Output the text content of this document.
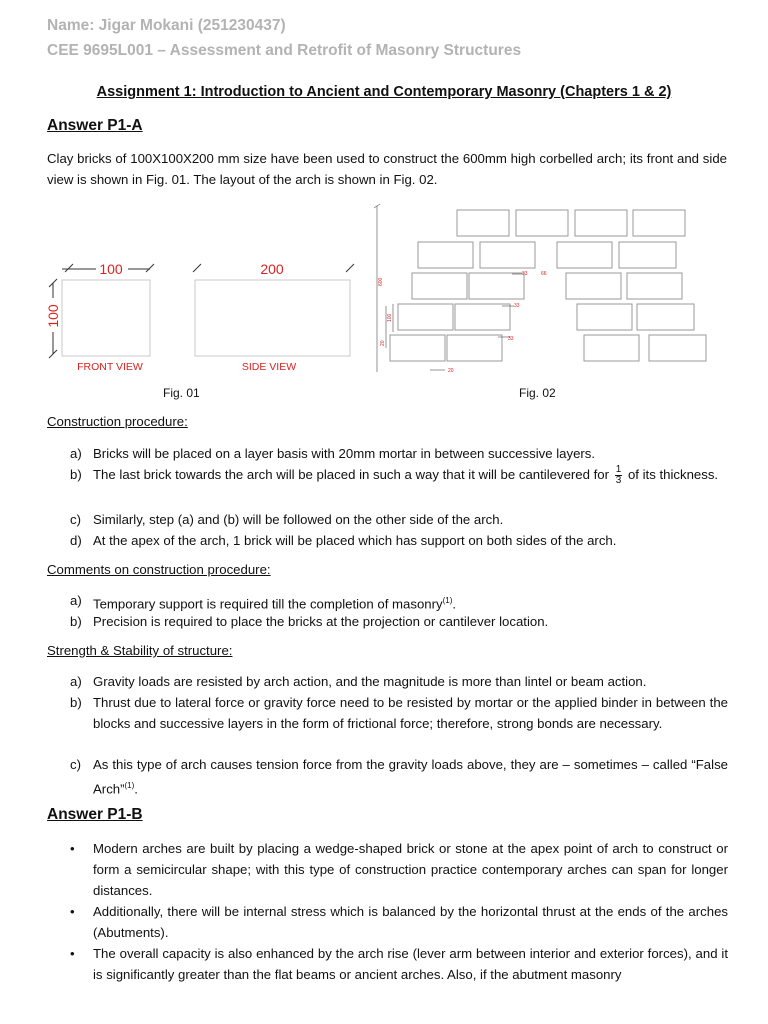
Name: Jigar Mokani (251230437)
CEE 9695L001 – Assessment and Retrofit of Masonry Structures
Assignment 1: Introduction to Ancient and Contemporary Masonry (Chapters 1 & 2)
Answer P1-A
Clay bricks of 100X100X200 mm size have been used to construct the 600mm high corbelled arch; its front and side view is shown in Fig. 01. The layout of the arch is shown in Fig. 02.
100	200
100
FRONT VIEW	SIDE VIEW
600
100
20
20
33
33
33
66
Fig. 01	Fig. 02
Construction procedure:
a) Bricks will be placed on a layer basis with 20mm mortar in between successive layers.
b) The last brick towards the arch will be placed in such a way that it will be cantilevered for $\frac{1}{3}$ of its thickness.
c) Similarly, step (a) and (b) will be followed on the other side of the arch.
d) At the apex of the arch, 1 brick will be placed which has support on both sides of the arch.
Comments on construction procedure:
a) Temporary support is required till the completion of masonry$^{(1)}$.
b) Precision is required to place the bricks at the projection or cantilever location.
Strength & Stability of structure:
a) Gravity loads are resisted by arch action, and the magnitude is more than lintel or beam action.
b) Thrust due to lateral force or gravity force need to be resisted by mortar or the applied binder in between the blocks and successive layers in the form of frictional force; therefore, strong bonds are necessary.
c) As this type of arch causes tension force from the gravity loads above, they are – sometimes – called “False Arch”$^{(1)}$.
Answer P1-B
• Modern arches are built by placing a wedge-shaped brick or stone at the apex point of arch to construct or form a semicircular shape; with this type of construction practice contemporary arches can span for longer distances.
• Additionally, there will be internal stress which is balanced by the horizontal thrust at the ends of the arches (Abutments).
• The overall capacity is also enhanced by the arch rise (lever arm between interior and exterior forces), and it is significantly greater than the flat beams or ancient arches. Also, if the abutment masonry
